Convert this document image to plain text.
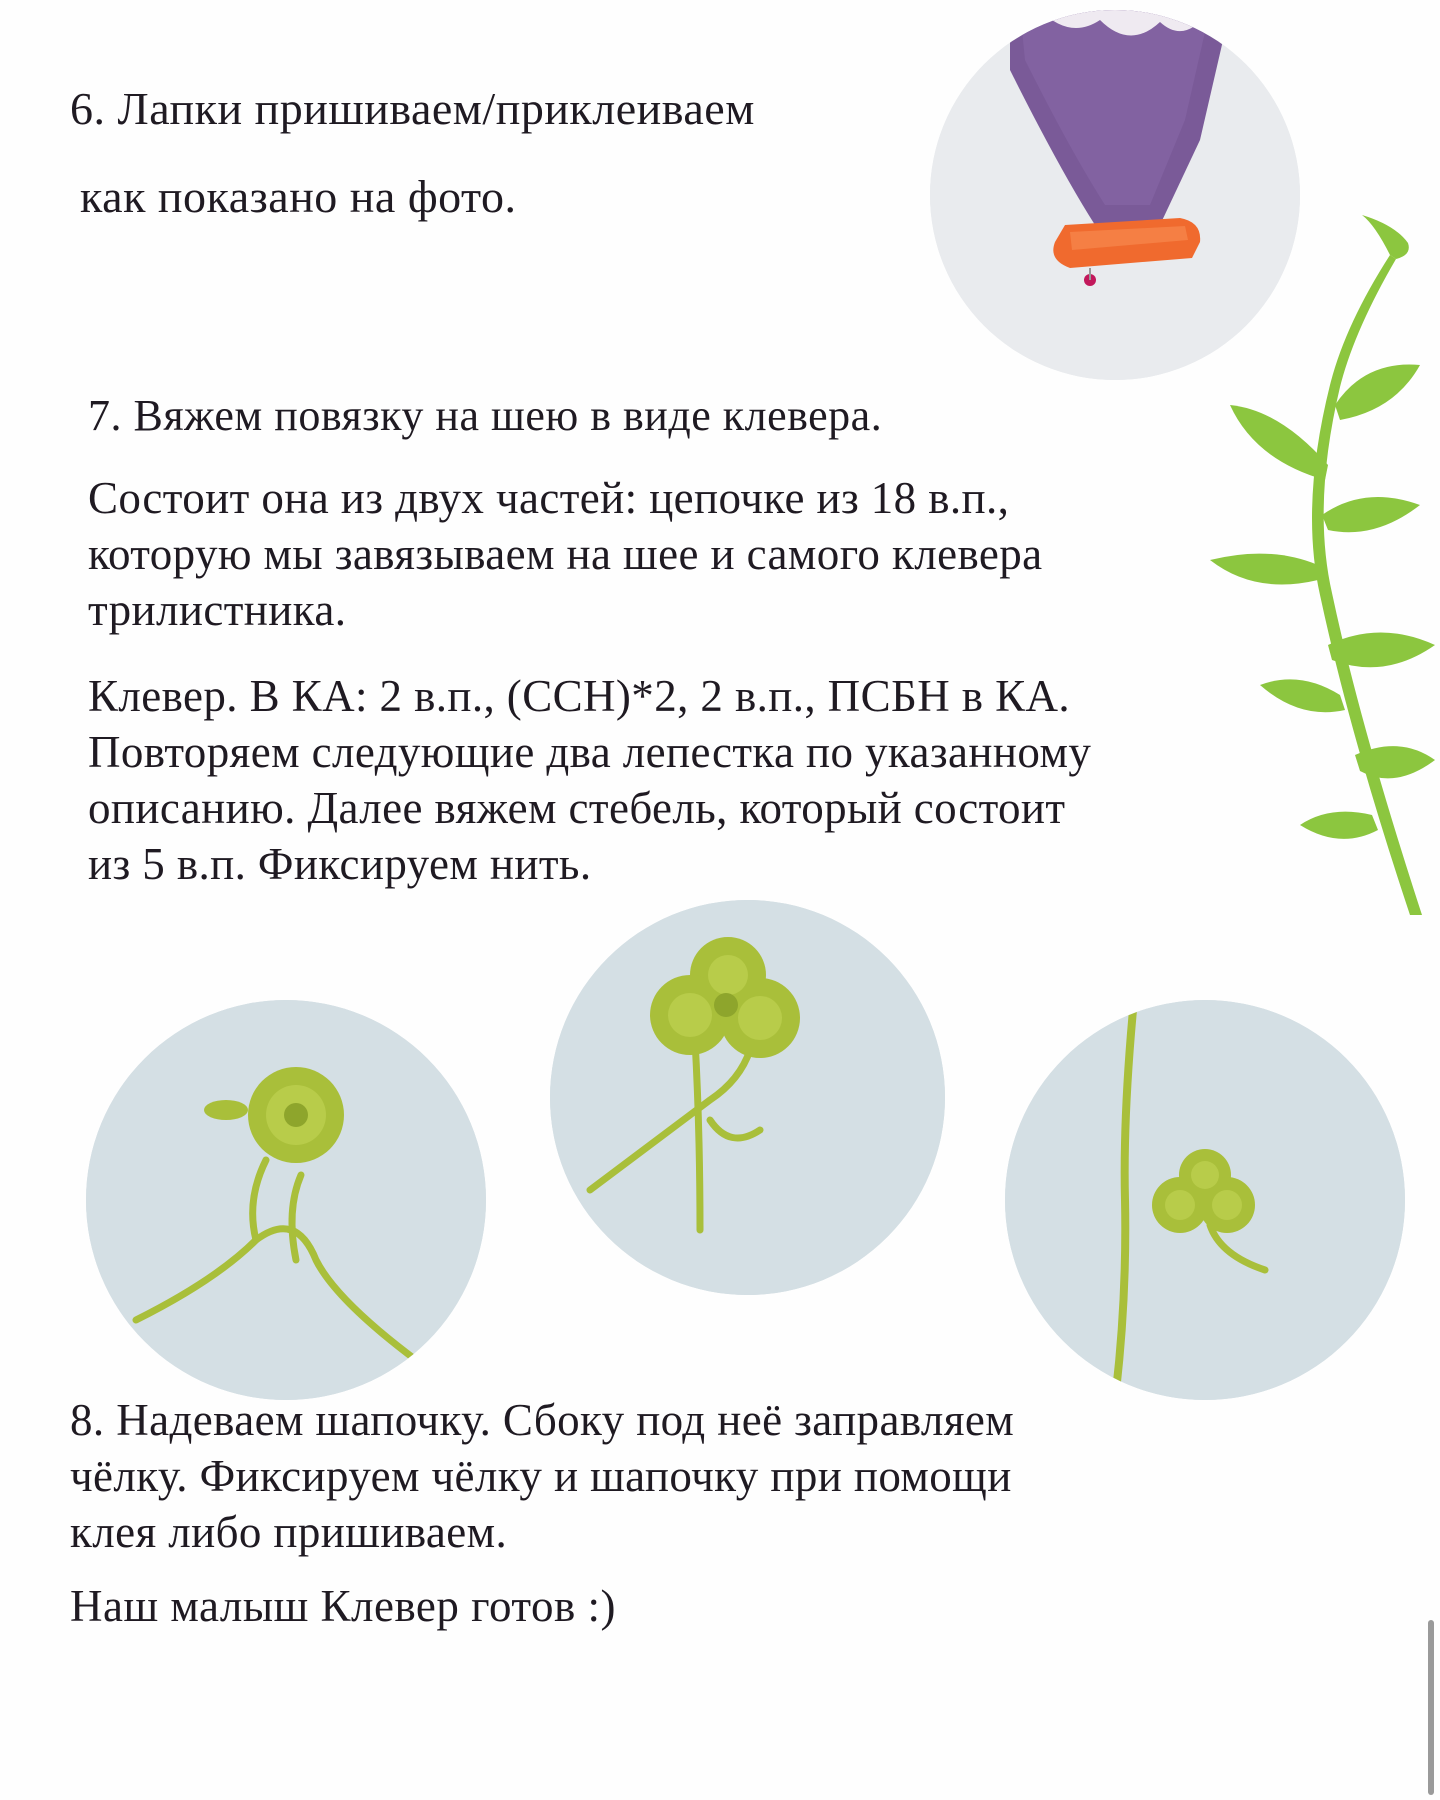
6. Лапки пришиваем/приклеиваем

как показано на фото.

7. Вяжем повязку на шею в виде клевера.

Состоит она из двух частей: цепочке из 18 в.п.,
которую мы завязываем на шее и самого клевера
трилистника.
Клевер. В КА: 2 в.п., (ССН)*2, 2 в.п., ПСБН в КА.
Повторяем следующие два лепестка по указанному
описанию. Далее вяжем стебель, который состоит
из 5 в.п. Фиксируем нить.
8. Надеваем шапочку. Сбоку под неё заправляем
чёлку. Фиксируем чёлку и шапочку при помощи
клея либо пришиваем.

Наш малыш Клевер готов :)
